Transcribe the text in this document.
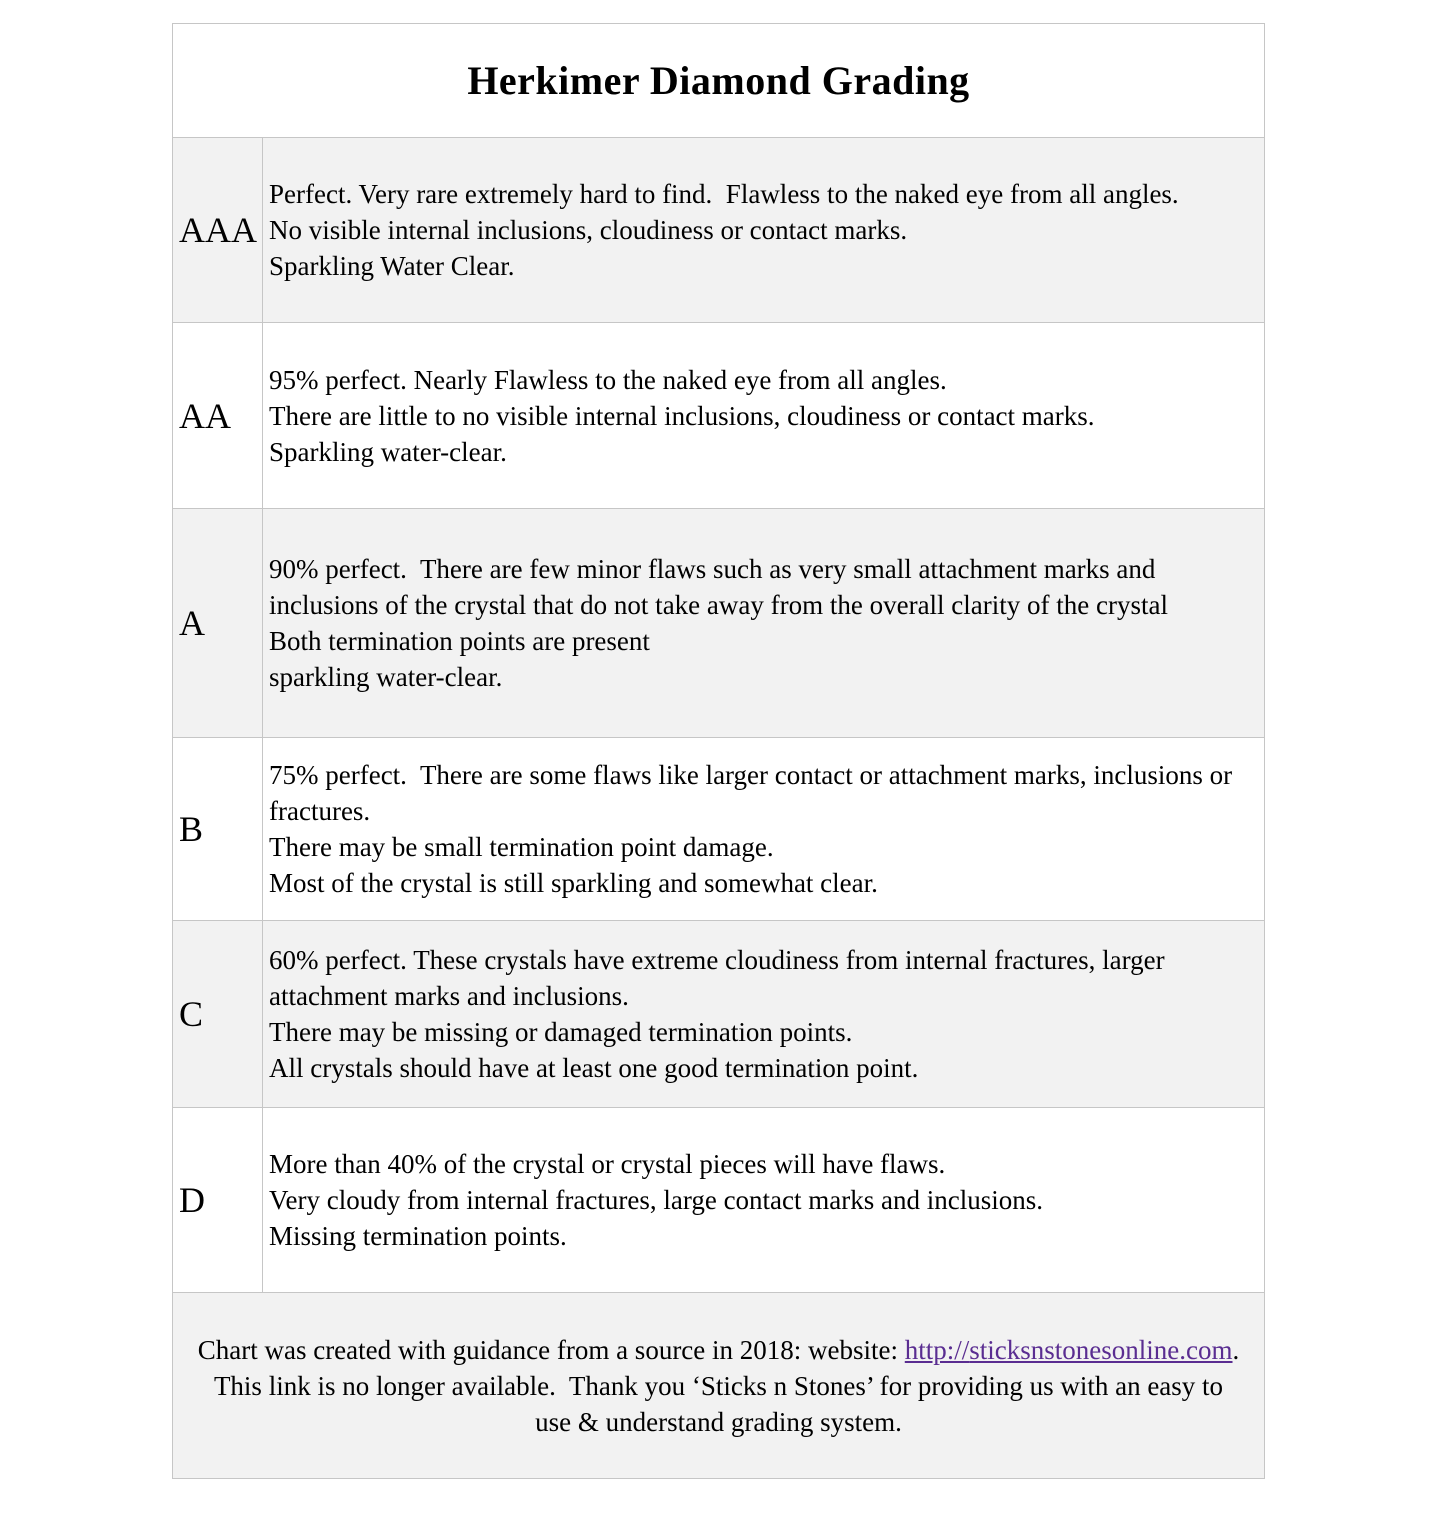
Herkimer Diamond Grading
AAA
Perfect. Very rare extremely hard to find.  Flawless to the naked eye from all angles.
No visible internal inclusions, cloudiness or contact marks.
Sparkling Water Clear.
AA
95% perfect. Nearly Flawless to the naked eye from all angles.
There are little to no visible internal inclusions, cloudiness or contact marks.
Sparkling water-clear.
A
90% perfect.  There are few minor flaws such as very small attachment marks and inclusions of the crystal that do not take away from the overall clarity of the crystal
Both termination points are present
sparkling water-clear.
B
75% perfect.  There are some flaws like larger contact or attachment marks, inclusions or fractures.
There may be small termination point damage.
Most of the crystal is still sparkling and somewhat clear.
C
60% perfect. These crystals have extreme cloudiness from internal fractures, larger attachment marks and inclusions.
There may be missing or damaged termination points.
All crystals should have at least one good termination point.
D
More than 40% of the crystal or crystal pieces will have flaws.
Very cloudy from internal fractures, large contact marks and inclusions.
Missing termination points.
Chart was created with guidance from a source in 2018: website: http://sticksnstonesonline.com.  This link is no longer available.  Thank you ‘Sticks n Stones’ for providing us with an easy to use & understand grading system.
